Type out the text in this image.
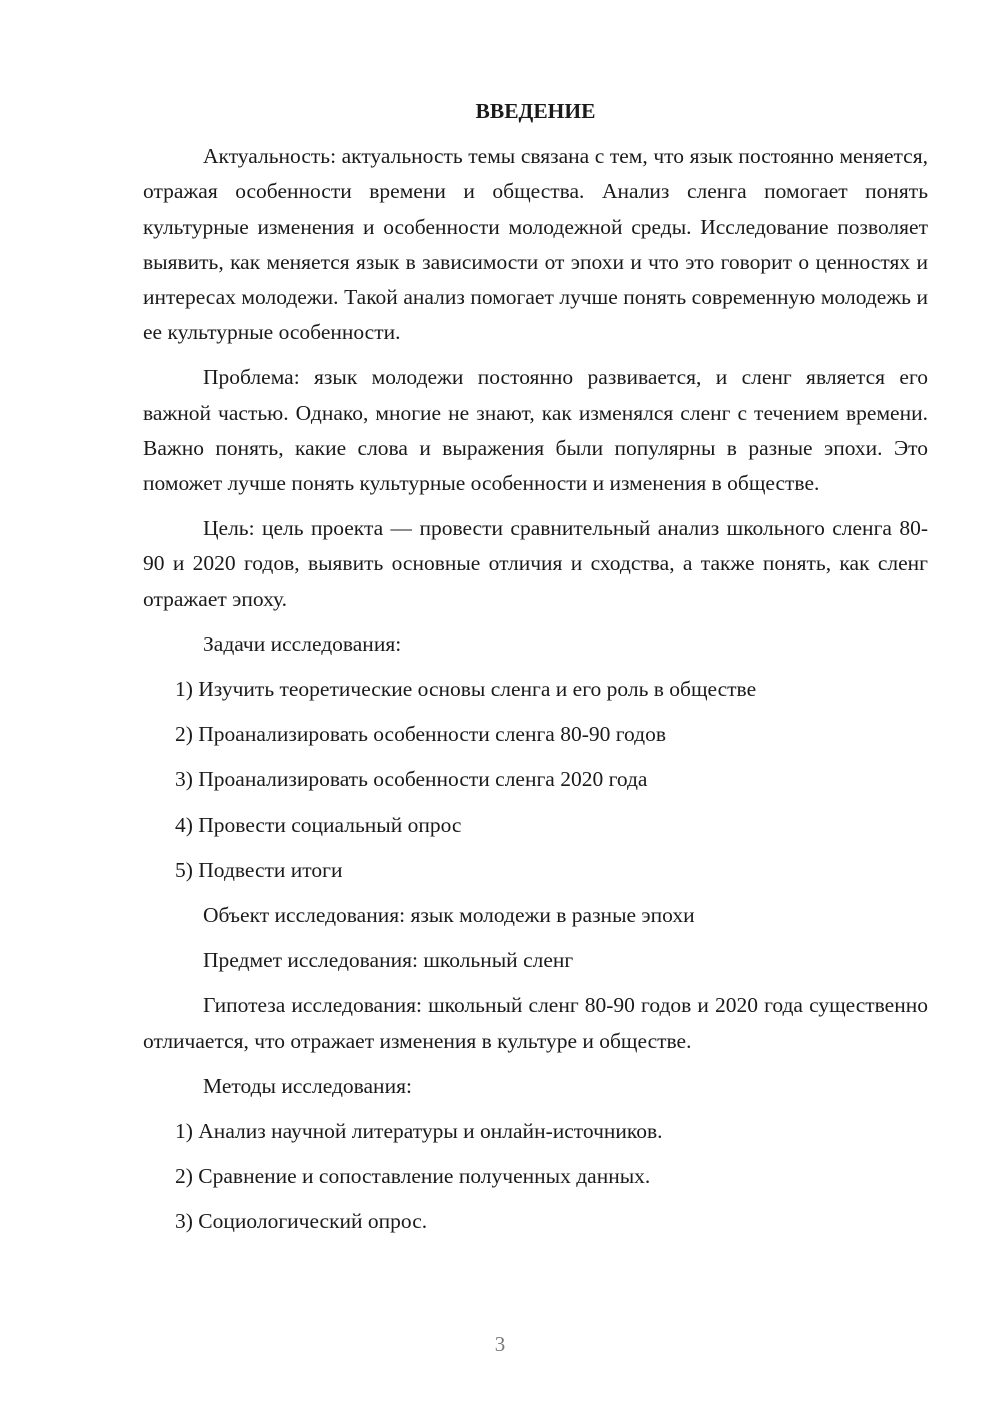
ВВЕДЕНИЕ

Актуальность: актуальность темы связана с тем, что язык постоянно меняется, отражая особенности времени и общества. Анализ сленга помогает понять культурные изменения и особенности молодежной среды. Исследование позволяет выявить, как меняется язык в зависимости от эпохи и что это говорит о ценностях и интересах молодежи. Такой анализ помогает лучше понять современную молодежь и ее культурные особенности.

Проблема: язык молодежи постоянно развивается, и сленг является его важной частью. Однако, многие не знают, как изменялся сленг с течением времени. Важно понять, какие слова и выражения были популярны в разные эпохи. Это поможет лучше понять культурные особенности и изменения в обществе.

Цель: цель проекта — провести сравнительный анализ школьного сленга 80-90 и 2020 годов, выявить основные отличия и сходства, а также понять, как сленг отражает эпоху.

Задачи исследования:
1) Изучить теоретические основы сленга и его роль в обществе
2) Проанализировать особенности сленга 80-90 годов
3) Проанализировать особенности сленга 2020 года
4) Провести социальный опрос
5) Подвести итоги
Объект исследования: язык молодежи в разные эпохи
Предмет исследования: школьный сленг

Гипотеза исследования: школьный сленг 80-90 годов и 2020 года существенно отличается, что отражает изменения в культуре и обществе.

Методы исследования:
1) Анализ научной литературы и онлайн-источников.
2) Сравнение и сопоставление полученных данных.
3) Социологический опрос.
3
